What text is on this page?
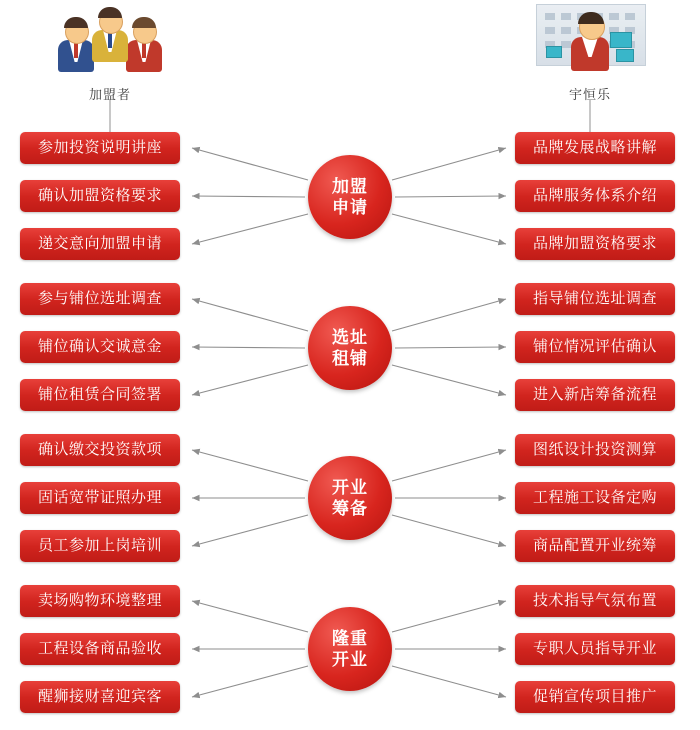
加盟者	宇恒乐
参加投资说明讲座
确认加盟资格要求
递交意向加盟申请
品牌发展战略讲解
品牌服务体系介绍
品牌加盟资格要求
加盟
申请
参与铺位选址调查
铺位确认交诚意金
铺位租赁合同签署
指导铺位选址调查
铺位情况评估确认
进入新店筹备流程
选址
租铺
确认缴交投资款项
固话宽带证照办理
员工参加上岗培训
图纸设计投资测算
工程施工设备定购
商品配置开业统筹
开业
筹备
卖场购物环境整理
工程设备商品验收
醒狮接财喜迎宾客
技术指导气氛布置
专职人员指导开业
促销宣传项目推广
隆重
开业
